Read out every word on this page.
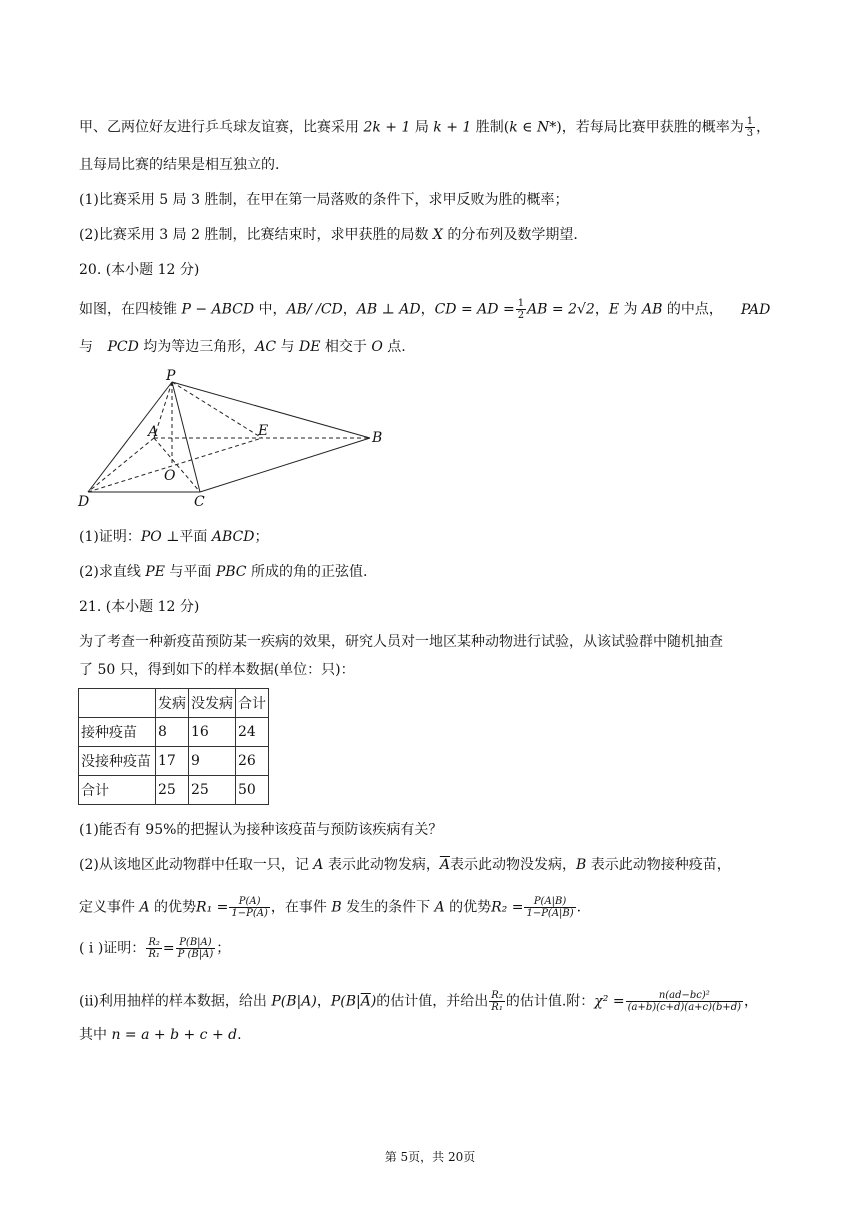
甲、乙两位好友进行乒乓球友谊赛，比赛采用 2k + 1 局 k + 1 胜制(k ∈ N*)，若每局比赛甲获胜的概率为 $\frac{1}{3}$ ，
且每局比赛的结果是相互独立的.
(1)比赛采用 5 局 3 胜制，在甲在第一局落败的条件下，求甲反败为胜的概率；
(2)比赛采用 3 局 2 胜制，比赛结束时，求甲获胜的局数 X 的分布列及数学期望.
20. (本小题 12 分)
如图，在四棱锥 P − ABCD 中，AB/ /CD，AB ⊥ AD，CD = AD = $\frac{1}{2}$ AB = 2√2，E 为 AB 的中点， PAD
与 PCD 均为等边三角形，AC 与 DE 相交于 O 点.
P
A	E	B
O
D	C
(1)证明：PO ⊥平面 ABCD；
(2)求直线 PE 与平面 PBC 所成的角的正弦值.
21. (本小题 12 分)
为了考查一种新疫苗预防某一疾病的效果，研究人员对一地区某种动物进行试验，从该试验群中随机抽查
了 50 只，得到如下的样本数据(单位：只)：
	发病	没发病	合计
接种疫苗	8	16	24
没接种疫苗	17	9	26
合计	25	25	50
(1)能否有 95%的把握认为接种该疫苗与预防该疾病有关？
(2)从该地区此动物群中任取一只，记 A 表示此动物发病，$\overline{A}$表示此动物没发病，B 表示此动物接种疫苗，
定义事件 A 的优势$R_1 = \frac{P(A)}{1-P(A)}$ ，在事件 B 发生的条件下 A 的优势$R_2 = \frac{P(A|B)}{1-P(A|B)}$ .
( ⅰ )证明： $\frac{\text{R₂}}{\text{R₁}} = \frac{P(B|A)}{P (B|\overline{A})}$ ；
(ⅱ)利用抽样的样本数据，给出 P(B|A)，$P(B|\overline{A})$的估计值，并给出 $\frac{\text{R₂}}{\text{R₁}}$ 的估计值.附：$\chi^2 = \frac{\text{n(ad−bc)²}}{(a+b)(c+d)(a+c)(b+d)}$ ，
其中 n = a + b + c + d.
第 5页，共 20页
